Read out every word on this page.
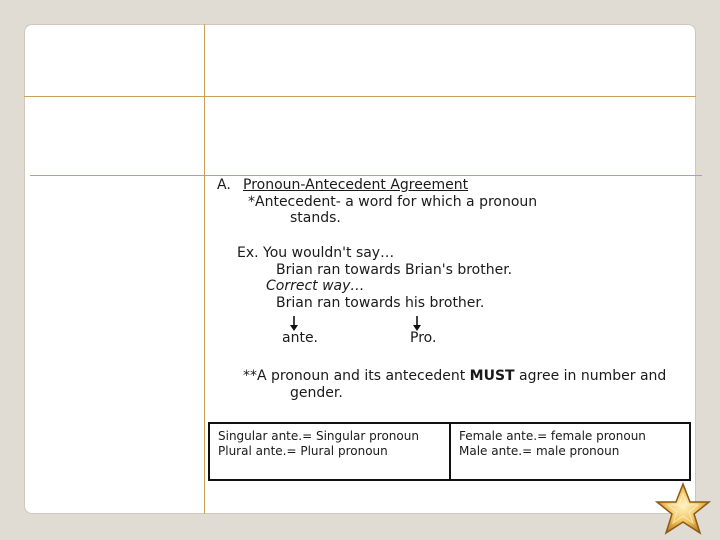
A. Pronoun-Antecedent Agreement

*Antecedent- a word for which a pronoun

stands.

Ex. You wouldn't say…

Brian ran towards Brian's brother.

Correct way…

Brian ran towards his brother.

ante.	Pro.

**A pronoun and its antecedent MUST agree in number and

gender.

Singular ante.= Singular pronoun
Plural ante.= Plural pronoun
Female ante.= female pronoun
Male ante.= male pronoun
